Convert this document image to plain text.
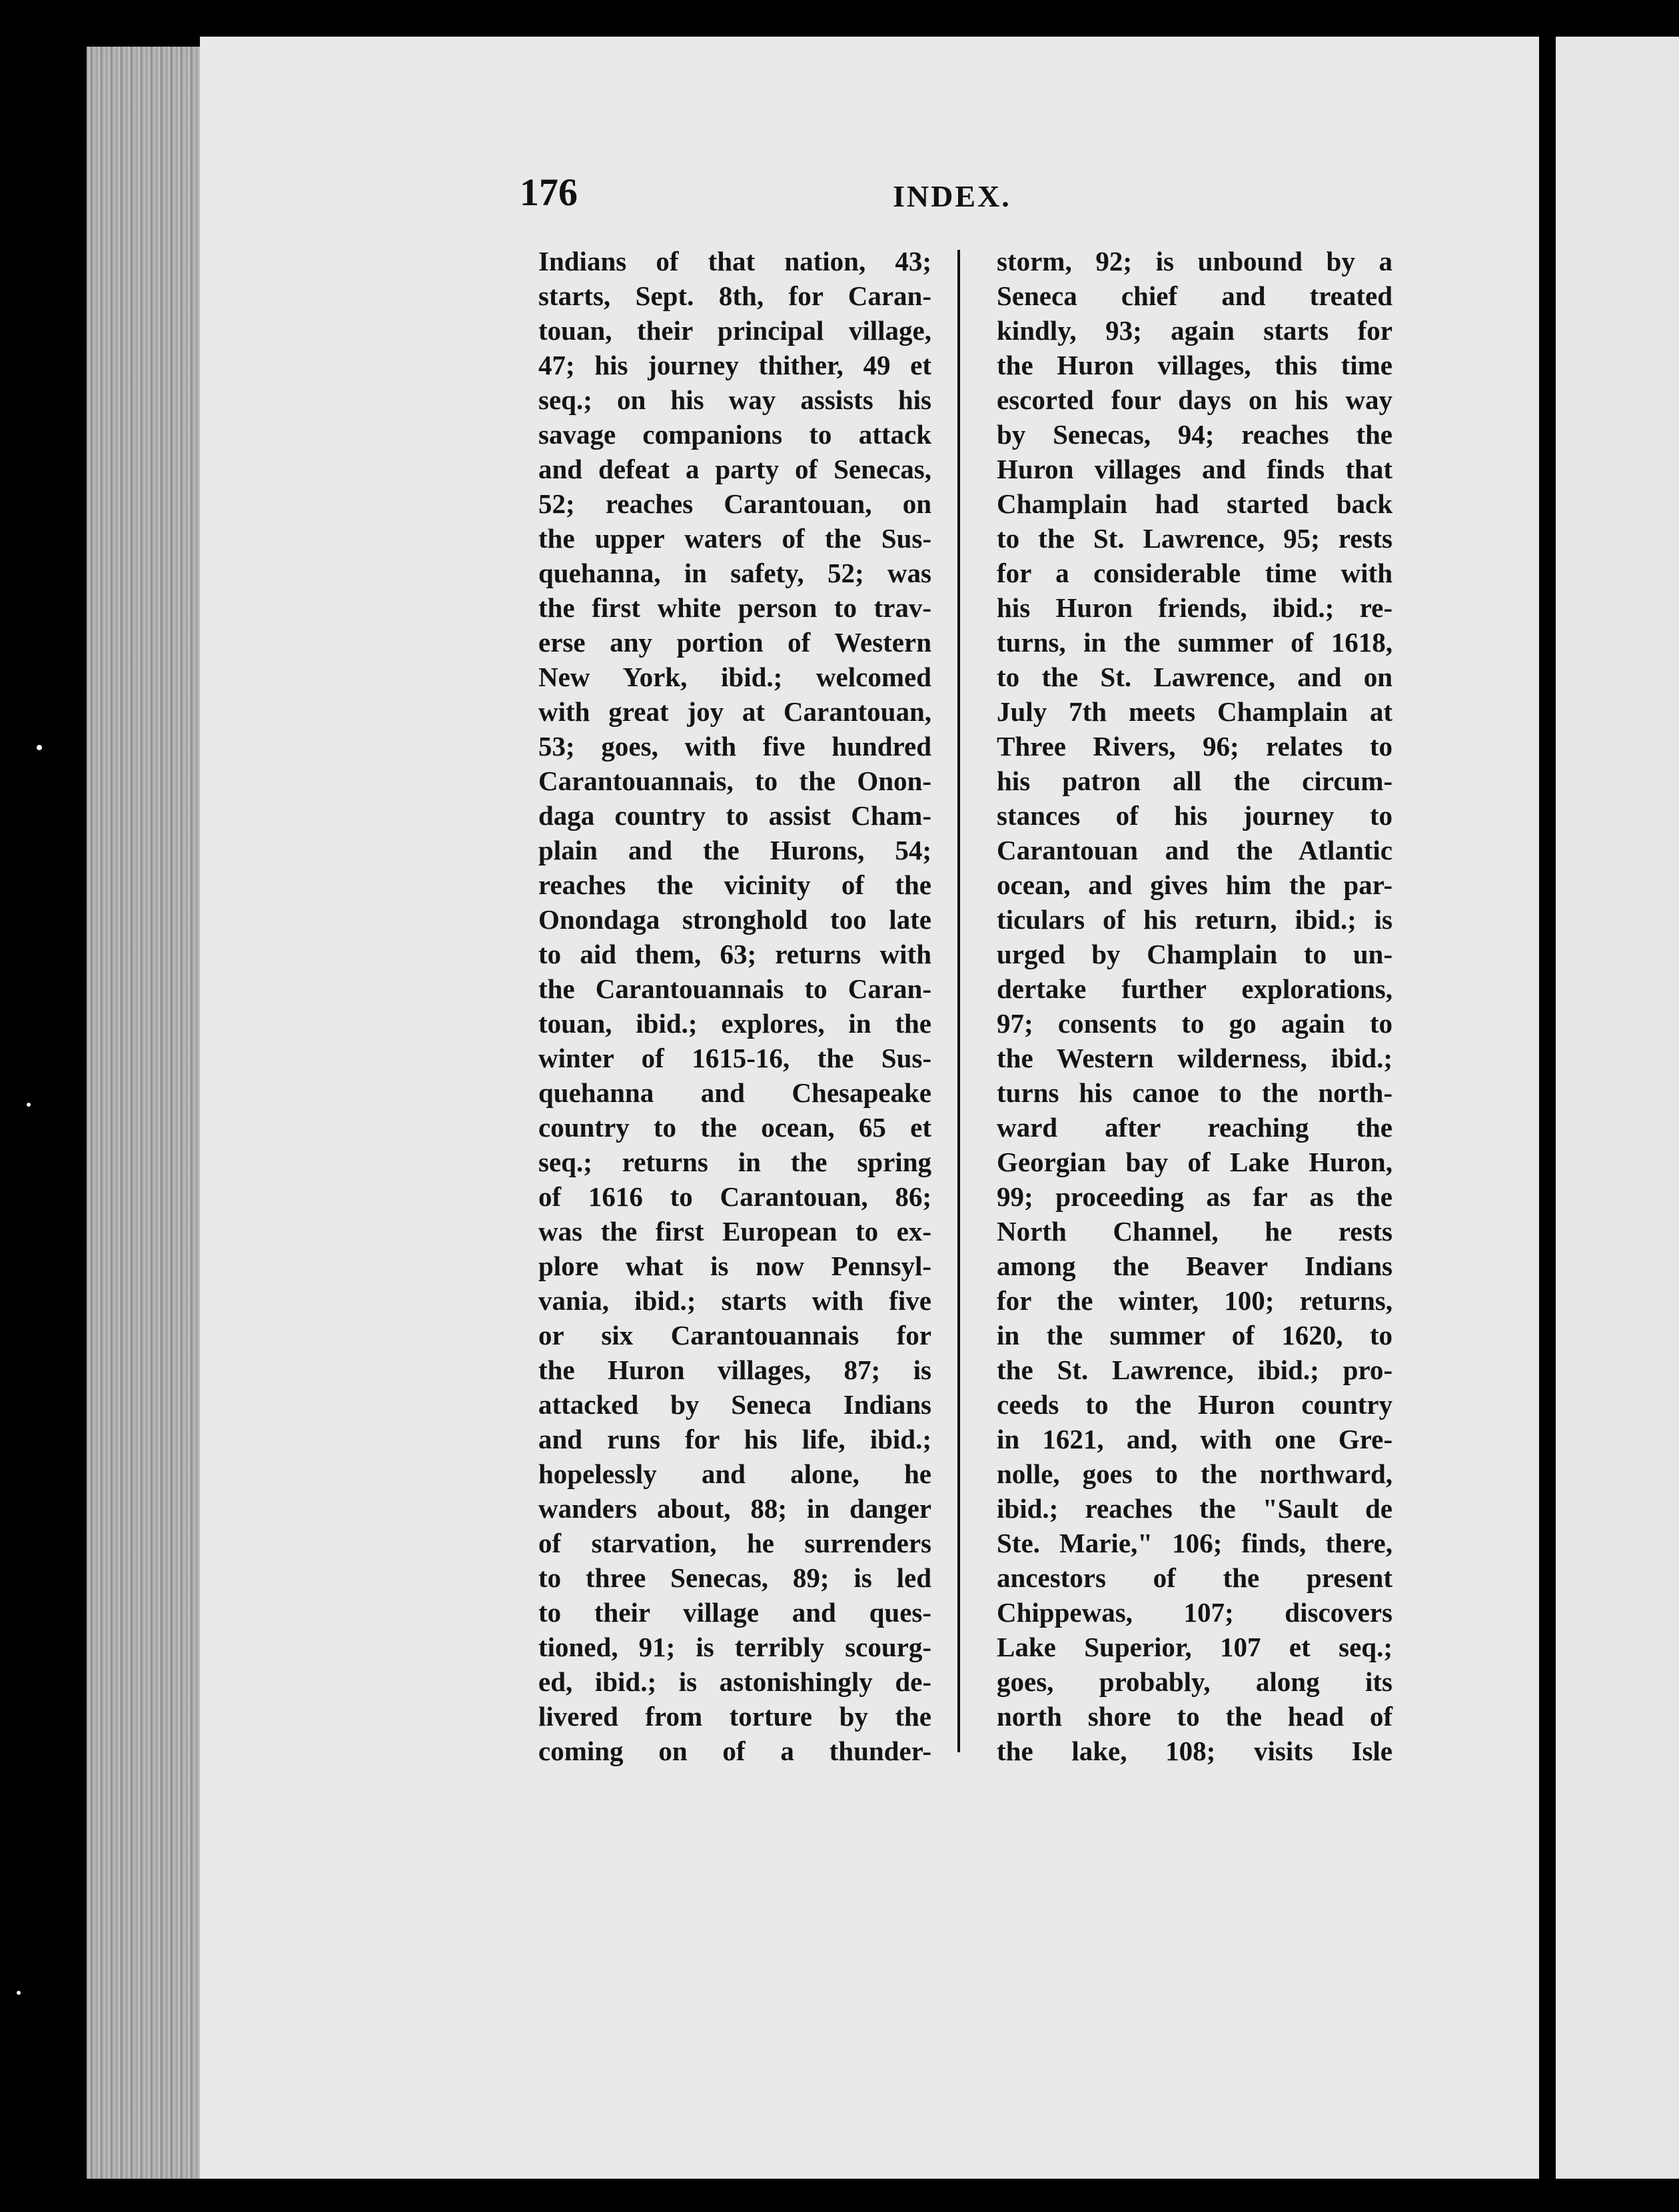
176	INDEX.
Indians of that nation, 43;
starts, Sept. 8th, for Caran-
touan, their principal village,
47; his journey thither, 49 et
seq.; on his way assists his
savage companions to attack
and defeat a party of Senecas,
52; reaches Carantouan, on
the upper waters of the Sus-
quehanna, in safety, 52; was
the first white person to trav-
erse any portion of Western
New York, ibid.; welcomed
with great joy at Carantouan,
53; goes, with five hundred
Carantouannais, to the Onon-
daga country to assist Cham-
plain and the Hurons, 54;
reaches the vicinity of the
Onondaga stronghold too late
to aid them, 63; returns with
the Carantouannais to Caran-
touan, ibid.; explores, in the
winter of 1615-16, the Sus-
quehanna and Chesapeake
country to the ocean, 65 et
seq.; returns in the spring
of 1616 to Carantouan, 86;
was the first European to ex-
plore what is now Pennsyl-
vania, ibid.; starts with five
or six Carantouannais for
the Huron villages, 87; is
attacked by Seneca Indians
and runs for his life, ibid.;
hopelessly and alone, he
wanders about, 88; in danger
of starvation, he surrenders
to three Senecas, 89; is led
to their village and ques-
tioned, 91; is terribly scourg-
ed, ibid.; is astonishingly de-
livered from torture by the
coming on of a thunder-
storm, 92; is unbound by a
Seneca chief and treated
kindly, 93; again starts for
the Huron villages, this time
escorted four days on his way
by Senecas, 94; reaches the
Huron villages and finds that
Champlain had started back
to the St. Lawrence, 95; rests
for a considerable time with
his Huron friends, ibid.; re-
turns, in the summer of 1618,
to the St. Lawrence, and on
July 7th meets Champlain at
Three Rivers, 96; relates to
his patron all the circum-
stances of his journey to
Carantouan and the Atlantic
ocean, and gives him the par-
ticulars of his return, ibid.; is
urged by Champlain to un-
dertake further explorations,
97; consents to go again to
the Western wilderness, ibid.;
turns his canoe to the north-
ward after reaching the
Georgian bay of Lake Huron,
99; proceeding as far as the
North Channel, he rests
among the Beaver Indians
for the winter, 100; returns,
in the summer of 1620, to
the St. Lawrence, ibid.; pro-
ceeds to the Huron country
in 1621, and, with one Gre-
nolle, goes to the northward,
ibid.; reaches the "Sault de
Ste. Marie," 106; finds, there,
ancestors of the present
Chippewas, 107; discovers
Lake Superior, 107 et seq.;
goes, probably, along its
north shore to the head of
the lake, 108; visits Isle
